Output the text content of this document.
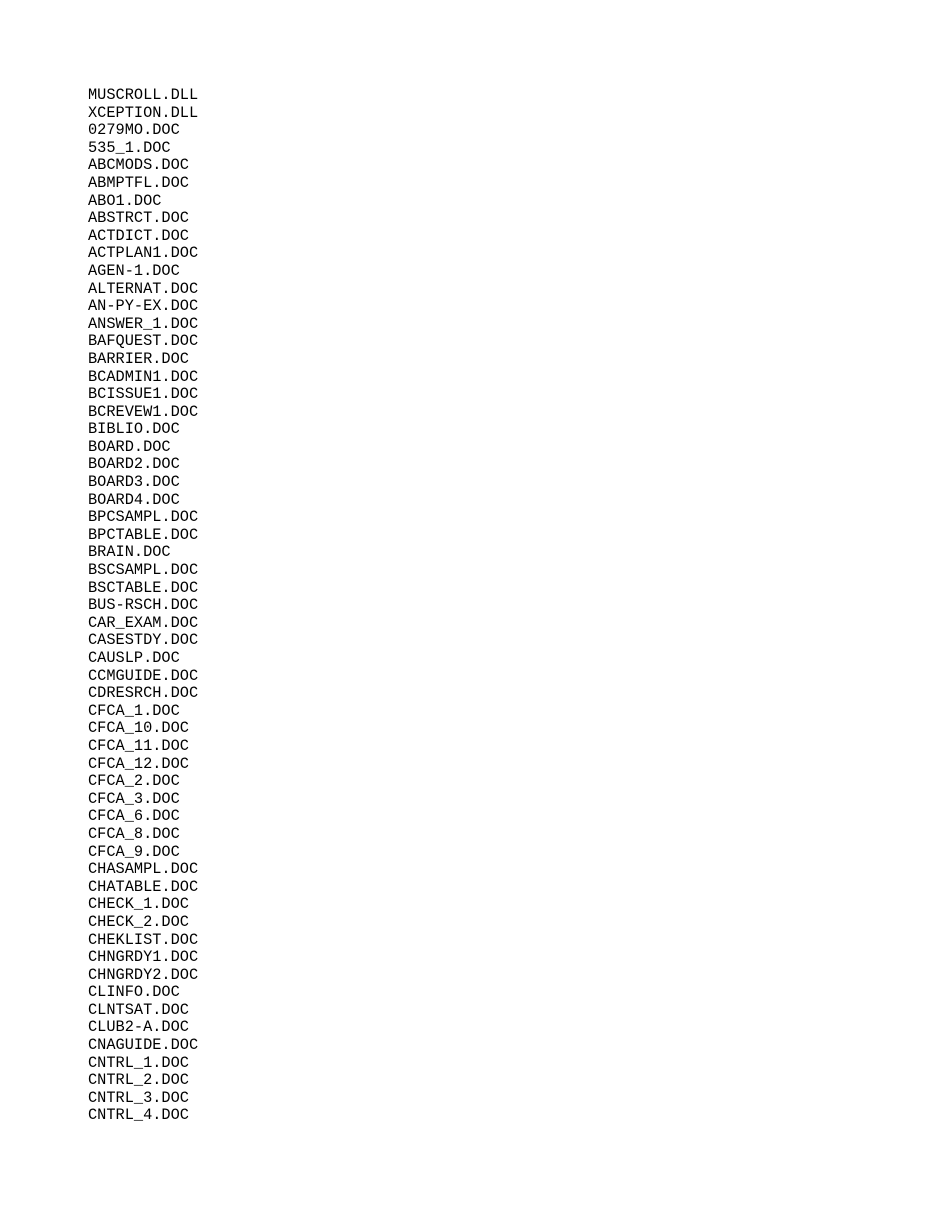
MUSCROLL.DLL
XCEPTION.DLL
0279MO.DOC
535_1.DOC
ABCMODS.DOC
ABMPTFL.DOC
ABO1.DOC
ABSTRCT.DOC
ACTDICT.DOC
ACTPLAN1.DOC
AGEN-1.DOC
ALTERNAT.DOC
AN-PY-EX.DOC
ANSWER_1.DOC
BAFQUEST.DOC
BARRIER.DOC
BCADMIN1.DOC
BCISSUE1.DOC
BCREVEW1.DOC
BIBLIO.DOC
BOARD.DOC
BOARD2.DOC
BOARD3.DOC
BOARD4.DOC
BPCSAMPL.DOC
BPCTABLE.DOC
BRAIN.DOC
BSCSAMPL.DOC
BSCTABLE.DOC
BUS-RSCH.DOC
CAR_EXAM.DOC
CASESTDY.DOC
CAUSLP.DOC
CCMGUIDE.DOC
CDRESRCH.DOC
CFCA_1.DOC
CFCA_10.DOC
CFCA_11.DOC
CFCA_12.DOC
CFCA_2.DOC
CFCA_3.DOC
CFCA_6.DOC
CFCA_8.DOC
CFCA_9.DOC
CHASAMPL.DOC
CHATABLE.DOC
CHECK_1.DOC
CHECK_2.DOC
CHEKLIST.DOC
CHNGRDY1.DOC
CHNGRDY2.DOC
CLINFO.DOC
CLNTSAT.DOC
CLUB2-A.DOC
CNAGUIDE.DOC
CNTRL_1.DOC
CNTRL_2.DOC
CNTRL_3.DOC
CNTRL_4.DOC
